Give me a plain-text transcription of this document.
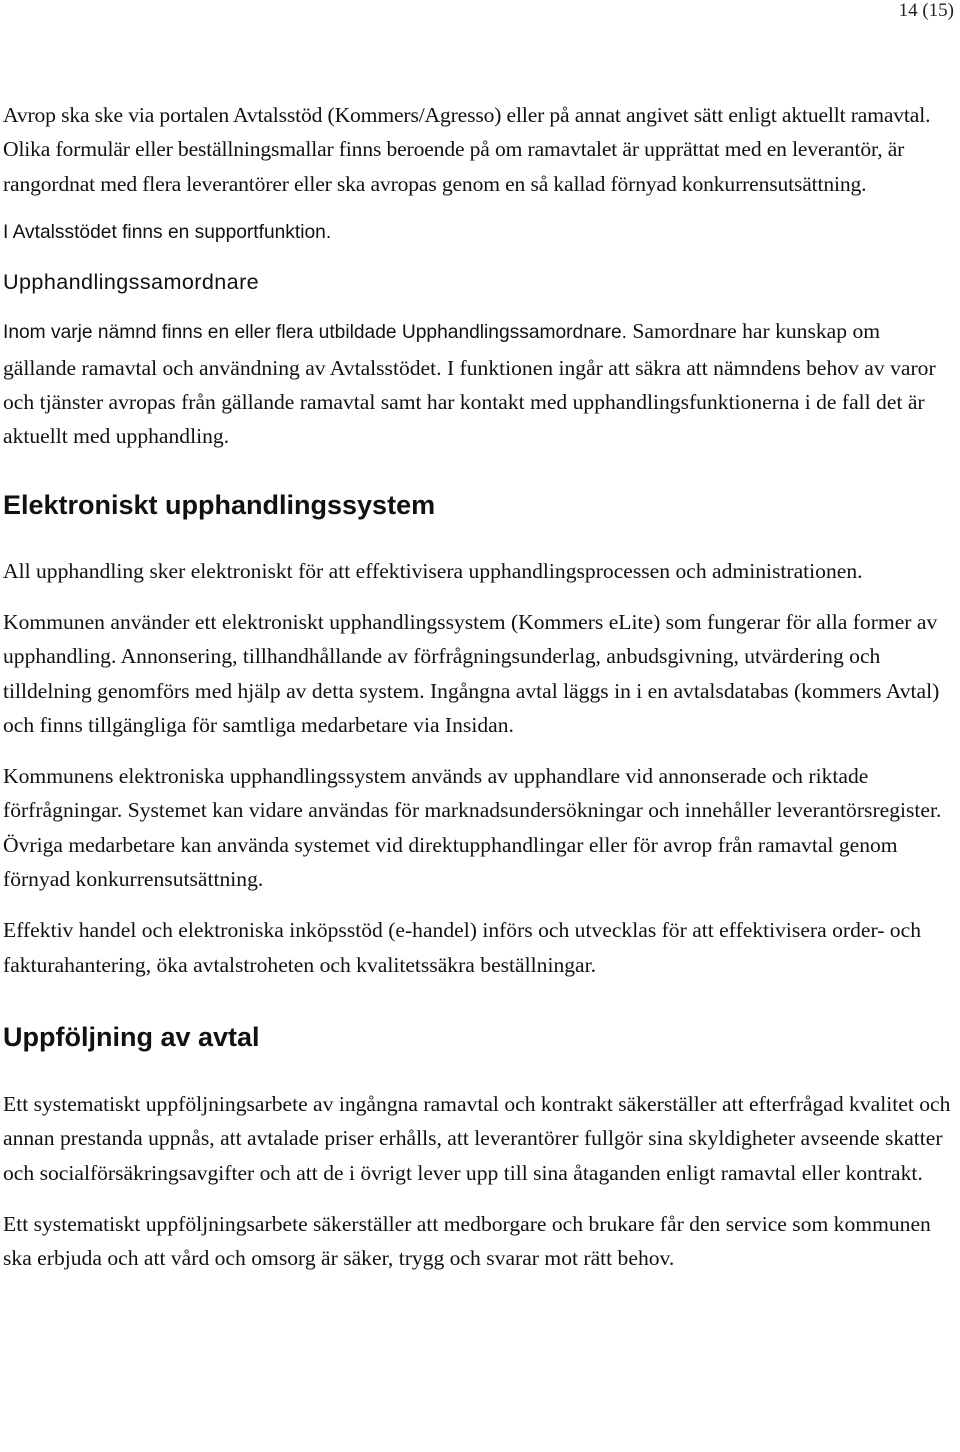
14 (15)

Avrop ska ske via portalen Avtalsstöd (Kommers/Agresso) eller på annat angivet sätt enligt aktuellt ramavtal. Olika formulär eller beställningsmallar finns beroende på om ramavtalet är upprättat med en leverantör, är rangordnat med flera leverantörer eller ska avropas genom en så kallad förnyad konkurrensutsättning.

I Avtalsstödet finns en supportfunktion.

Upphandlingssamordnare

Inom varje nämnd finns en eller flera utbildade Upphandlingssamordnare. Samordnare har kunskap om gällande ramavtal och användning av Avtalsstödet. I funktionen ingår att säkra att nämndens behov av varor och tjänster avropas från gällande ramavtal samt har kontakt med upphandlingsfunktionerna i de fall det är aktuellt med upphandling.

Elektroniskt upphandlingssystem

All upphandling sker elektroniskt för att effektivisera upphandlingsprocessen och administrationen.

Kommunen använder ett elektroniskt upphandlingssystem (Kommers eLite) som fungerar för alla former av upphandling. Annonsering, tillhandhållande av förfrågningsunderlag, anbudsgivning, utvärdering och tilldelning genomförs med hjälp av detta system. Ingångna avtal läggs in i en avtalsdatabas (kommers Avtal) och finns tillgängliga för samtliga medarbetare via Insidan.

Kommunens elektroniska upphandlingssystem används av upphandlare vid annonserade och riktade förfrågningar. Systemet kan vidare användas för marknadsundersökningar och innehåller leverantörsregister. Övriga medarbetare kan använda systemet vid direktupphandlingar eller för avrop från ramavtal genom förnyad konkurrensutsättning.

Effektiv handel och elektroniska inköpsstöd (e-handel) införs och utvecklas för att effektivisera order- och fakturahantering, öka avtalstroheten och kvalitetssäkra beställningar.

Uppföljning av avtal

Ett systematiskt uppföljningsarbete av ingångna ramavtal och kontrakt säkerställer att efterfrågad kvalitet och annan prestanda uppnås, att avtalade priser erhålls, att leverantörer fullgör sina skyldigheter avseende skatter och socialförsäkringsavgifter och att de i övrigt lever upp till sina åtaganden enligt ramavtal eller kontrakt.

Ett systematiskt uppföljningsarbete säkerställer att medborgare och brukare får den service som kommunen ska erbjuda och att vård och omsorg är säker, trygg och svarar mot rätt behov.
